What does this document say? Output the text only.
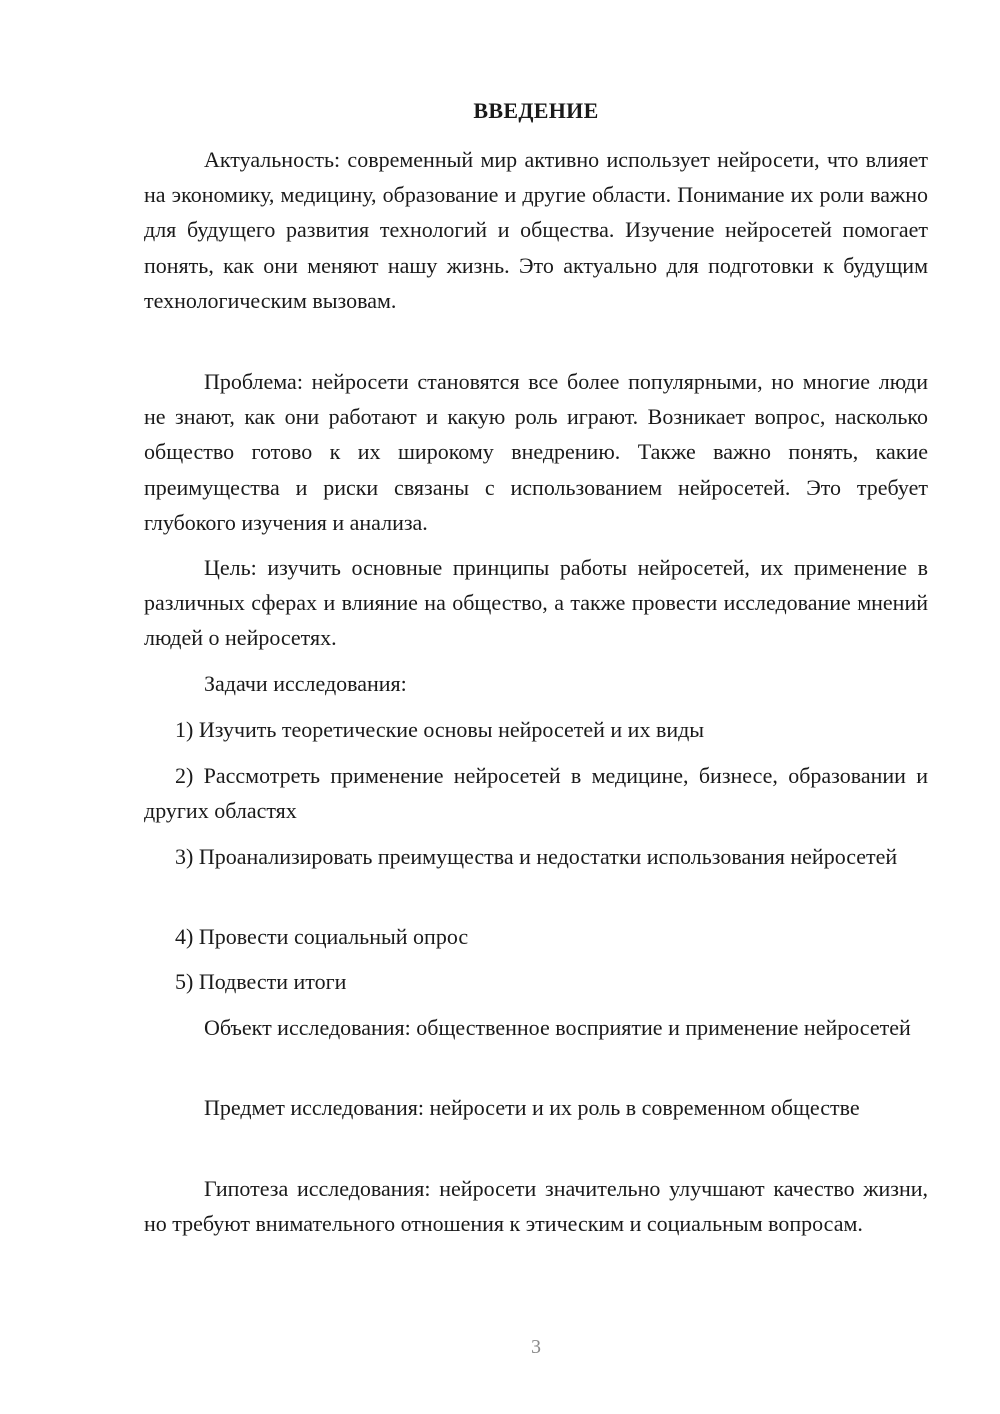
ВВЕДЕНИЕ

Актуальность: современный мир активно использует нейросети, что влияет на экономику, медицину, образование и другие области. Понимание их роли важно для будущего развития технологий и общества. Изучение нейросетей помогает понять, как они меняют нашу жизнь. Это актуально для подготовки к будущим технологическим вызовам.

Проблема: нейросети становятся все более популярными, но многие люди не знают, как они работают и какую роль играют. Возникает вопрос, насколько общество готово к их широкому внедрению. Также важно понять, какие преимущества и риски связаны с использованием нейросетей. Это требует глубокого изучения и анализа.

Цель: изучить основные принципы работы нейросетей, их применение в различных сферах и влияние на общество, а также провести исследование мнений людей о нейросетях.

Задачи исследования:

1) Изучить теоретические основы нейросетей и их виды

2) Рассмотреть применение нейросетей в медицине, бизнесе, образовании и других областях

3) Проанализировать преимущества и недостатки использования нейросетей

4) Провести социальный опрос

5) Подвести итоги

Объект исследования: общественное восприятие и применение нейросетей

Предмет исследования: нейросети и их роль в современном обществе

Гипотеза исследования: нейросети значительно улучшают качество жизни, но требуют внимательного отношения к этическим и социальным вопросам.

3
